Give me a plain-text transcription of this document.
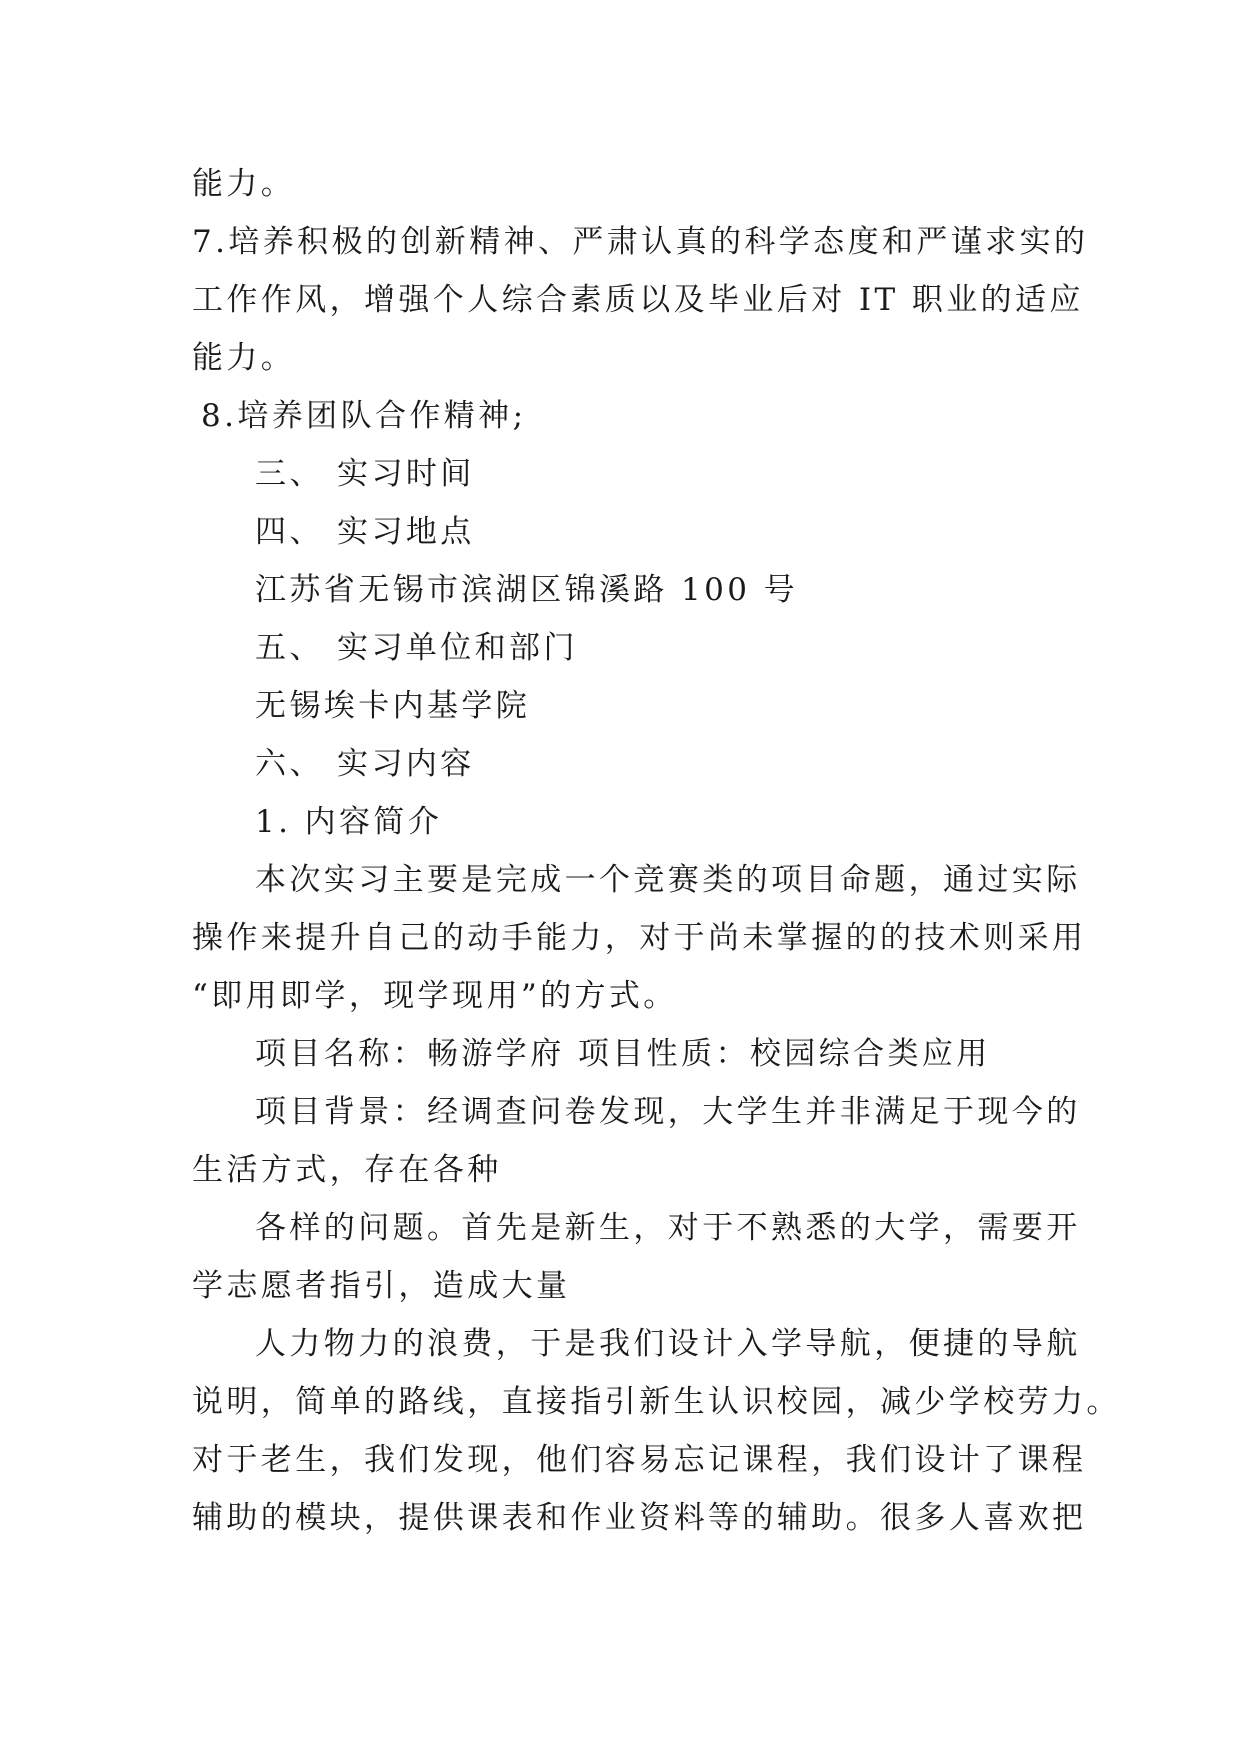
能力。
7.培养积极的创新精神、严肃认真的科学态度和严谨求实的
工作作风，增强个人综合素质以及毕业后对 IT 职业的适应
能力。
8.培养团队合作精神;
三、 实习时间
四、 实习地点
江苏省无锡市滨湖区锦溪路 100 号
五、 实习单位和部门
无锡埃卡内基学院
六、 实习内容
1. 内容简介
本次实习主要是完成一个竞赛类的项目命题，通过实际
操作来提升自己的动手能力，对于尚未掌握的的技术则采用
“即用即学，现学现用”的方式。
项目名称：畅游学府 项目性质：校园综合类应用
项目背景：经调查问卷发现，大学生并非满足于现今的
生活方式，存在各种
各样的问题。首先是新生，对于不熟悉的大学，需要开
学志愿者指引，造成大量
人力物力的浪费，于是我们设计入学导航，便捷的导航
说明，简单的路线，直接指引新生认识校园，减少学校劳力。
对于老生，我们发现，他们容易忘记课程，我们设计了课程
辅助的模块，提供课表和作业资料等的辅助。很多人喜欢把
